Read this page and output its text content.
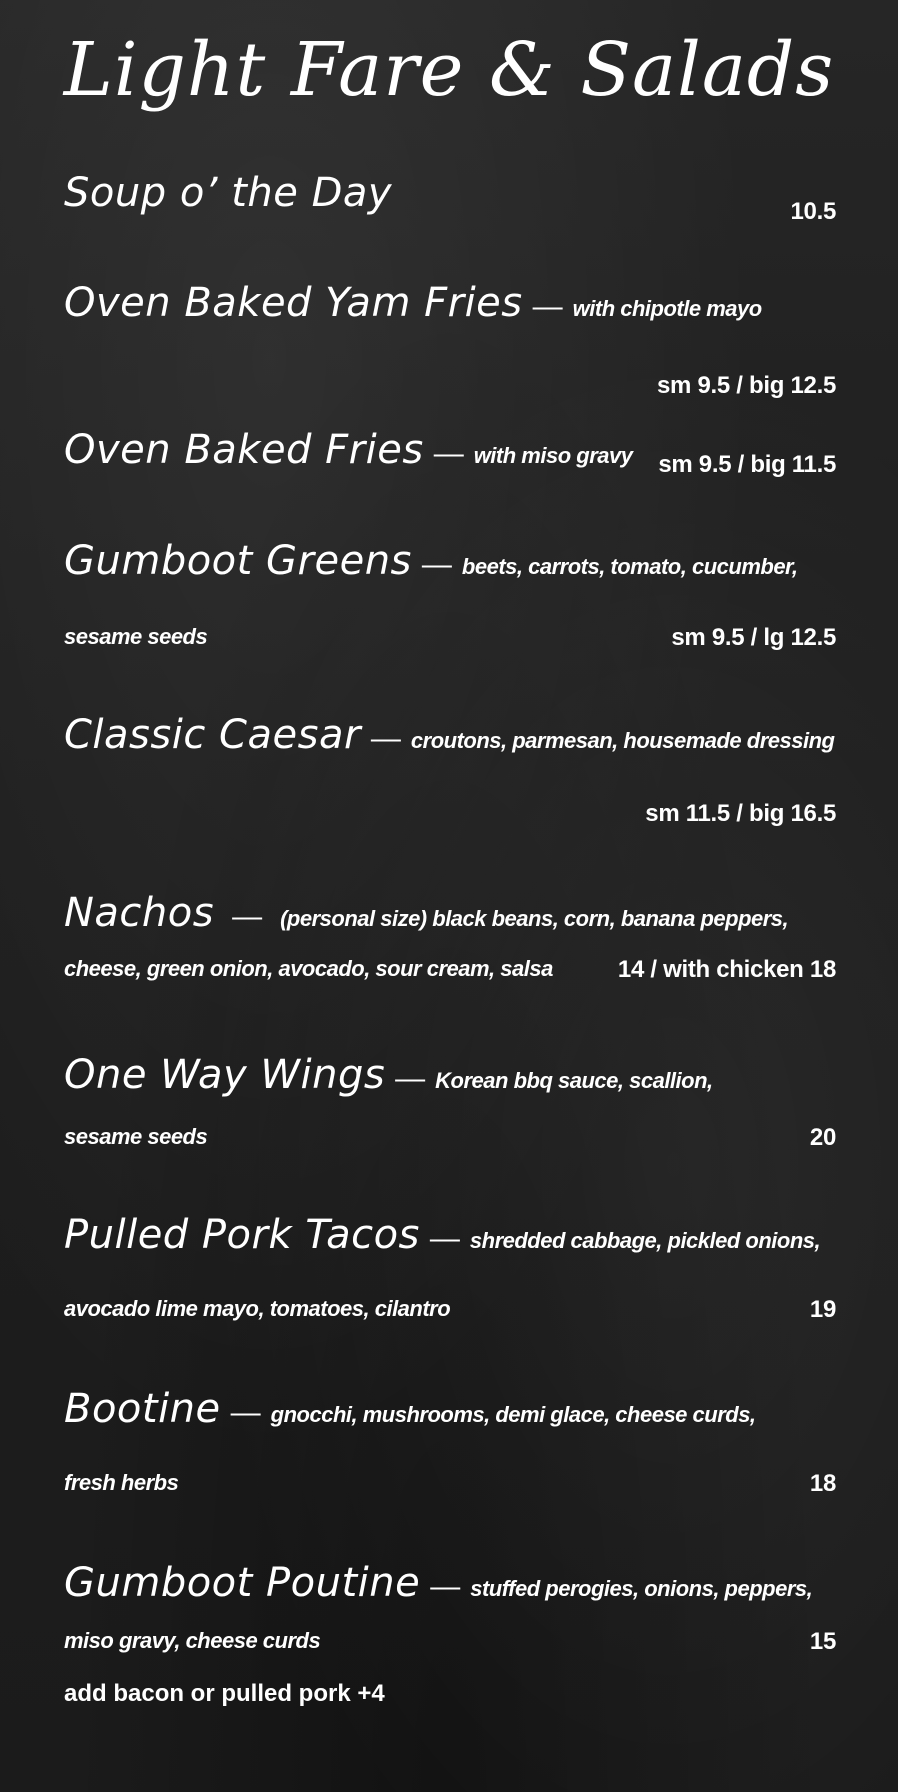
Light Fare & Salads
Soup o’ the Day	10.5
Oven Baked Yam Fries — with chipotle mayo
sm 9.5 / big 12.5
Oven Baked Fries — with miso gravy	sm 9.5 / big 11.5
Gumboot Greens — beets, carrots, tomato, cucumber,
sesame seeds	sm 9.5 / lg 12.5
Classic Caesar — croutons, parmesan, housemade dressing
sm 11.5 / big 16.5
Nachos — (personal size) black beans, corn, banana peppers,
cheese, green onion, avocado, sour cream, salsa	14 / with chicken 18
One Way Wings — Korean bbq sauce, scallion,
sesame seeds	20
Pulled Pork Tacos — shredded cabbage, pickled onions,
avocado lime mayo, tomatoes, cilantro	19
Bootine — gnocchi, mushrooms, demi glace, cheese curds,
fresh herbs	18
Gumboot Poutine — stuffed perogies, onions, peppers,
miso gravy, cheese curds	15
add bacon or pulled pork +4
